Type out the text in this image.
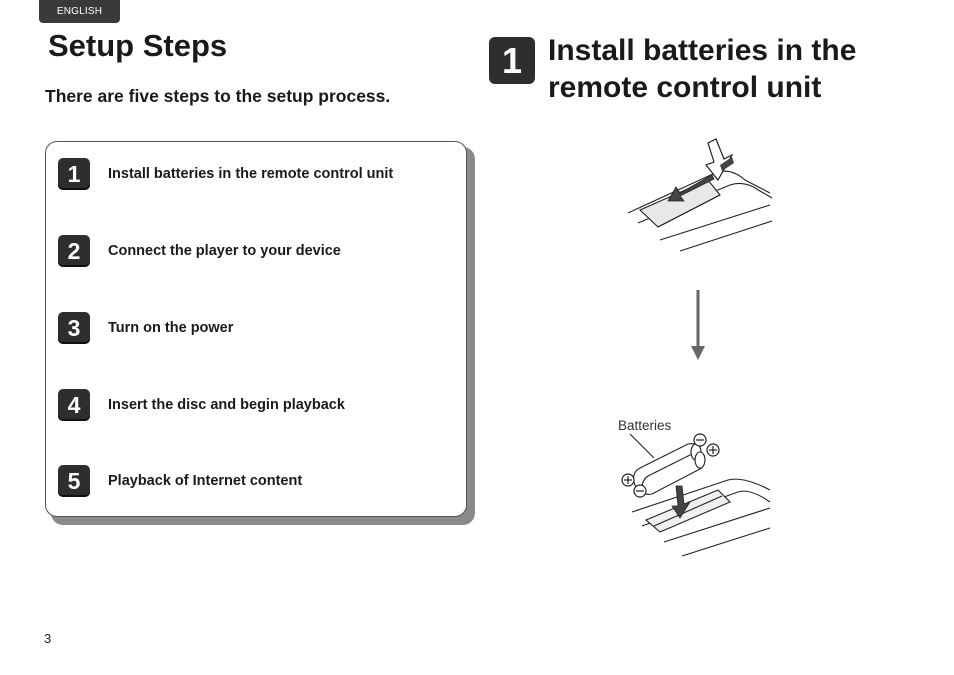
ENGLISH
Setup Steps

There are five steps to the setup process.

1	Install batteries in the remote control unit
2	Connect the player to your device
3	Turn on the power
4	Insert the disc and begin playback
5	Playback of Internet content
1 Install batteries in the remote control unit
Batteries
3
